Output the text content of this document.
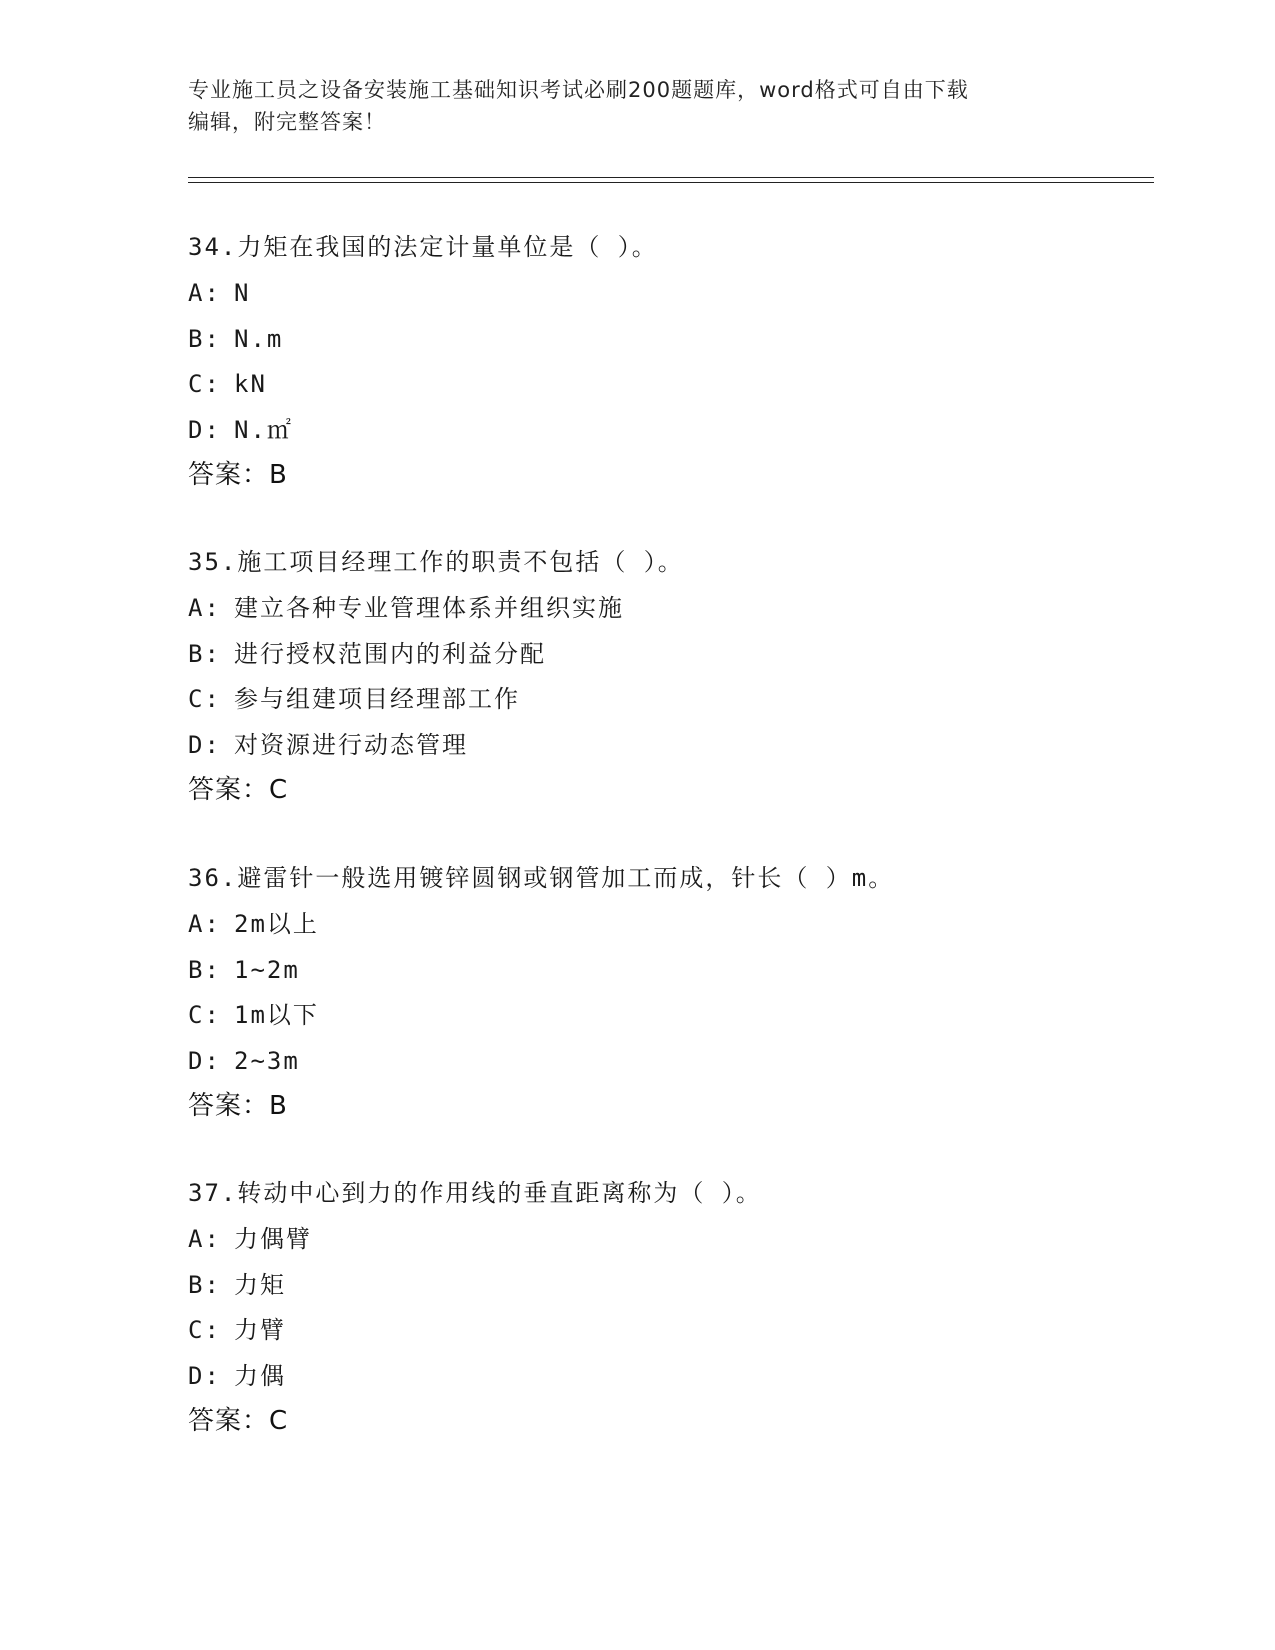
专业施工员之设备安装施工基础知识考试必刷200题题库，word格式可自由下载
编辑，附完整答案！
34.力矩在我国的法定计量单位是（ ）。
A: N
B: N.m
C: kN
D: N.㎡
答案：B
35.施工项目经理工作的职责不包括（ ）。
A: 建立各种专业管理体系并组织实施
B: 进行授权范围内的利益分配
C: 参与组建项目经理部工作
D: 对资源进行动态管理
答案：C
36.避雷针一般选用镀锌圆钢或钢管加工而成，针长（ ）m。
A: 2m以上
B: 1~2m
C: 1m以下
D: 2~3m
答案：B
37.转动中心到力的作用线的垂直距离称为（ ）。
A: 力偶臂
B: 力矩
C: 力臂
D: 力偶
答案：C
